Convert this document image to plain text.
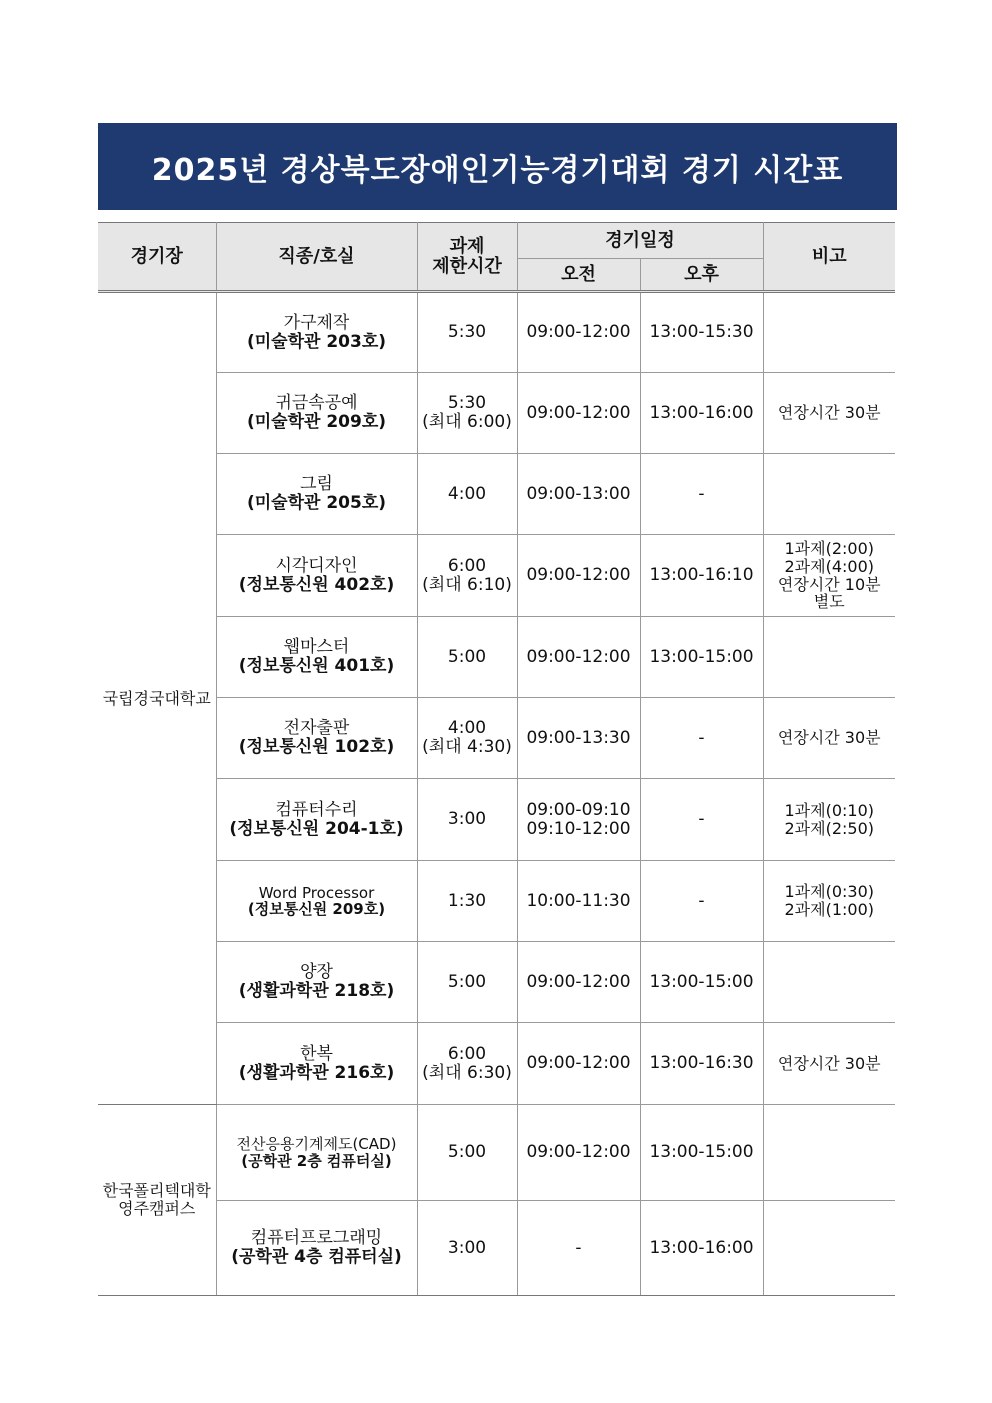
2025년 경상북도장애인기능경기대회 경기 시간표
경기장	직종/호실	과제
제한시간	경기일정		비고
			오전	오후	
국립경국대학교	가구제작
(미술학관 203호)	5:30	09:00-12:00	13:00-15:30	

	귀금속공예
(미술학관 209호)	5:30
(최대 6:00)	09:00-12:00	13:00-16:00	연장시간 30분

	그림
(미술학관 205호)	4:00	09:00-13:00	-	

	시각디자인
(정보통신원 402호)	6:00
(최대 6:10)	09:00-12:00	13:00-16:10	1과제(2:00)
2과제(4:00)
연장시간 10분
별도

	웹마스터
(정보통신원 401호)	5:00	09:00-12:00	13:00-15:00	

	전자출판
(정보통신원 102호)	4:00
(최대 4:30)	09:00-13:30	-	연장시간 30분

	컴퓨터수리
(정보통신원 204-1호)	3:00	09:00-09:10
09:10-12:00	-	1과제(0:10)
2과제(2:50)

	Word Processor
(정보통신원 209호)	1:30	10:00-11:30	-	1과제(0:30)
2과제(1:00)

	양장
(생활과학관 218호)	5:00	09:00-12:00	13:00-15:00	

	한복
(생활과학관 216호)	6:00
(최대 6:30)	09:00-12:00	13:00-16:30	연장시간 30분
한국폴리텍대학
영주캠퍼스	전산응용기계제도(CAD)
(공학관 2층 컴퓨터실)	5:00	09:00-12:00	13:00-15:00	

	컴퓨터프로그래밍
(공학관 4층 컴퓨터실)	3:00	-	13:00-16:00	
